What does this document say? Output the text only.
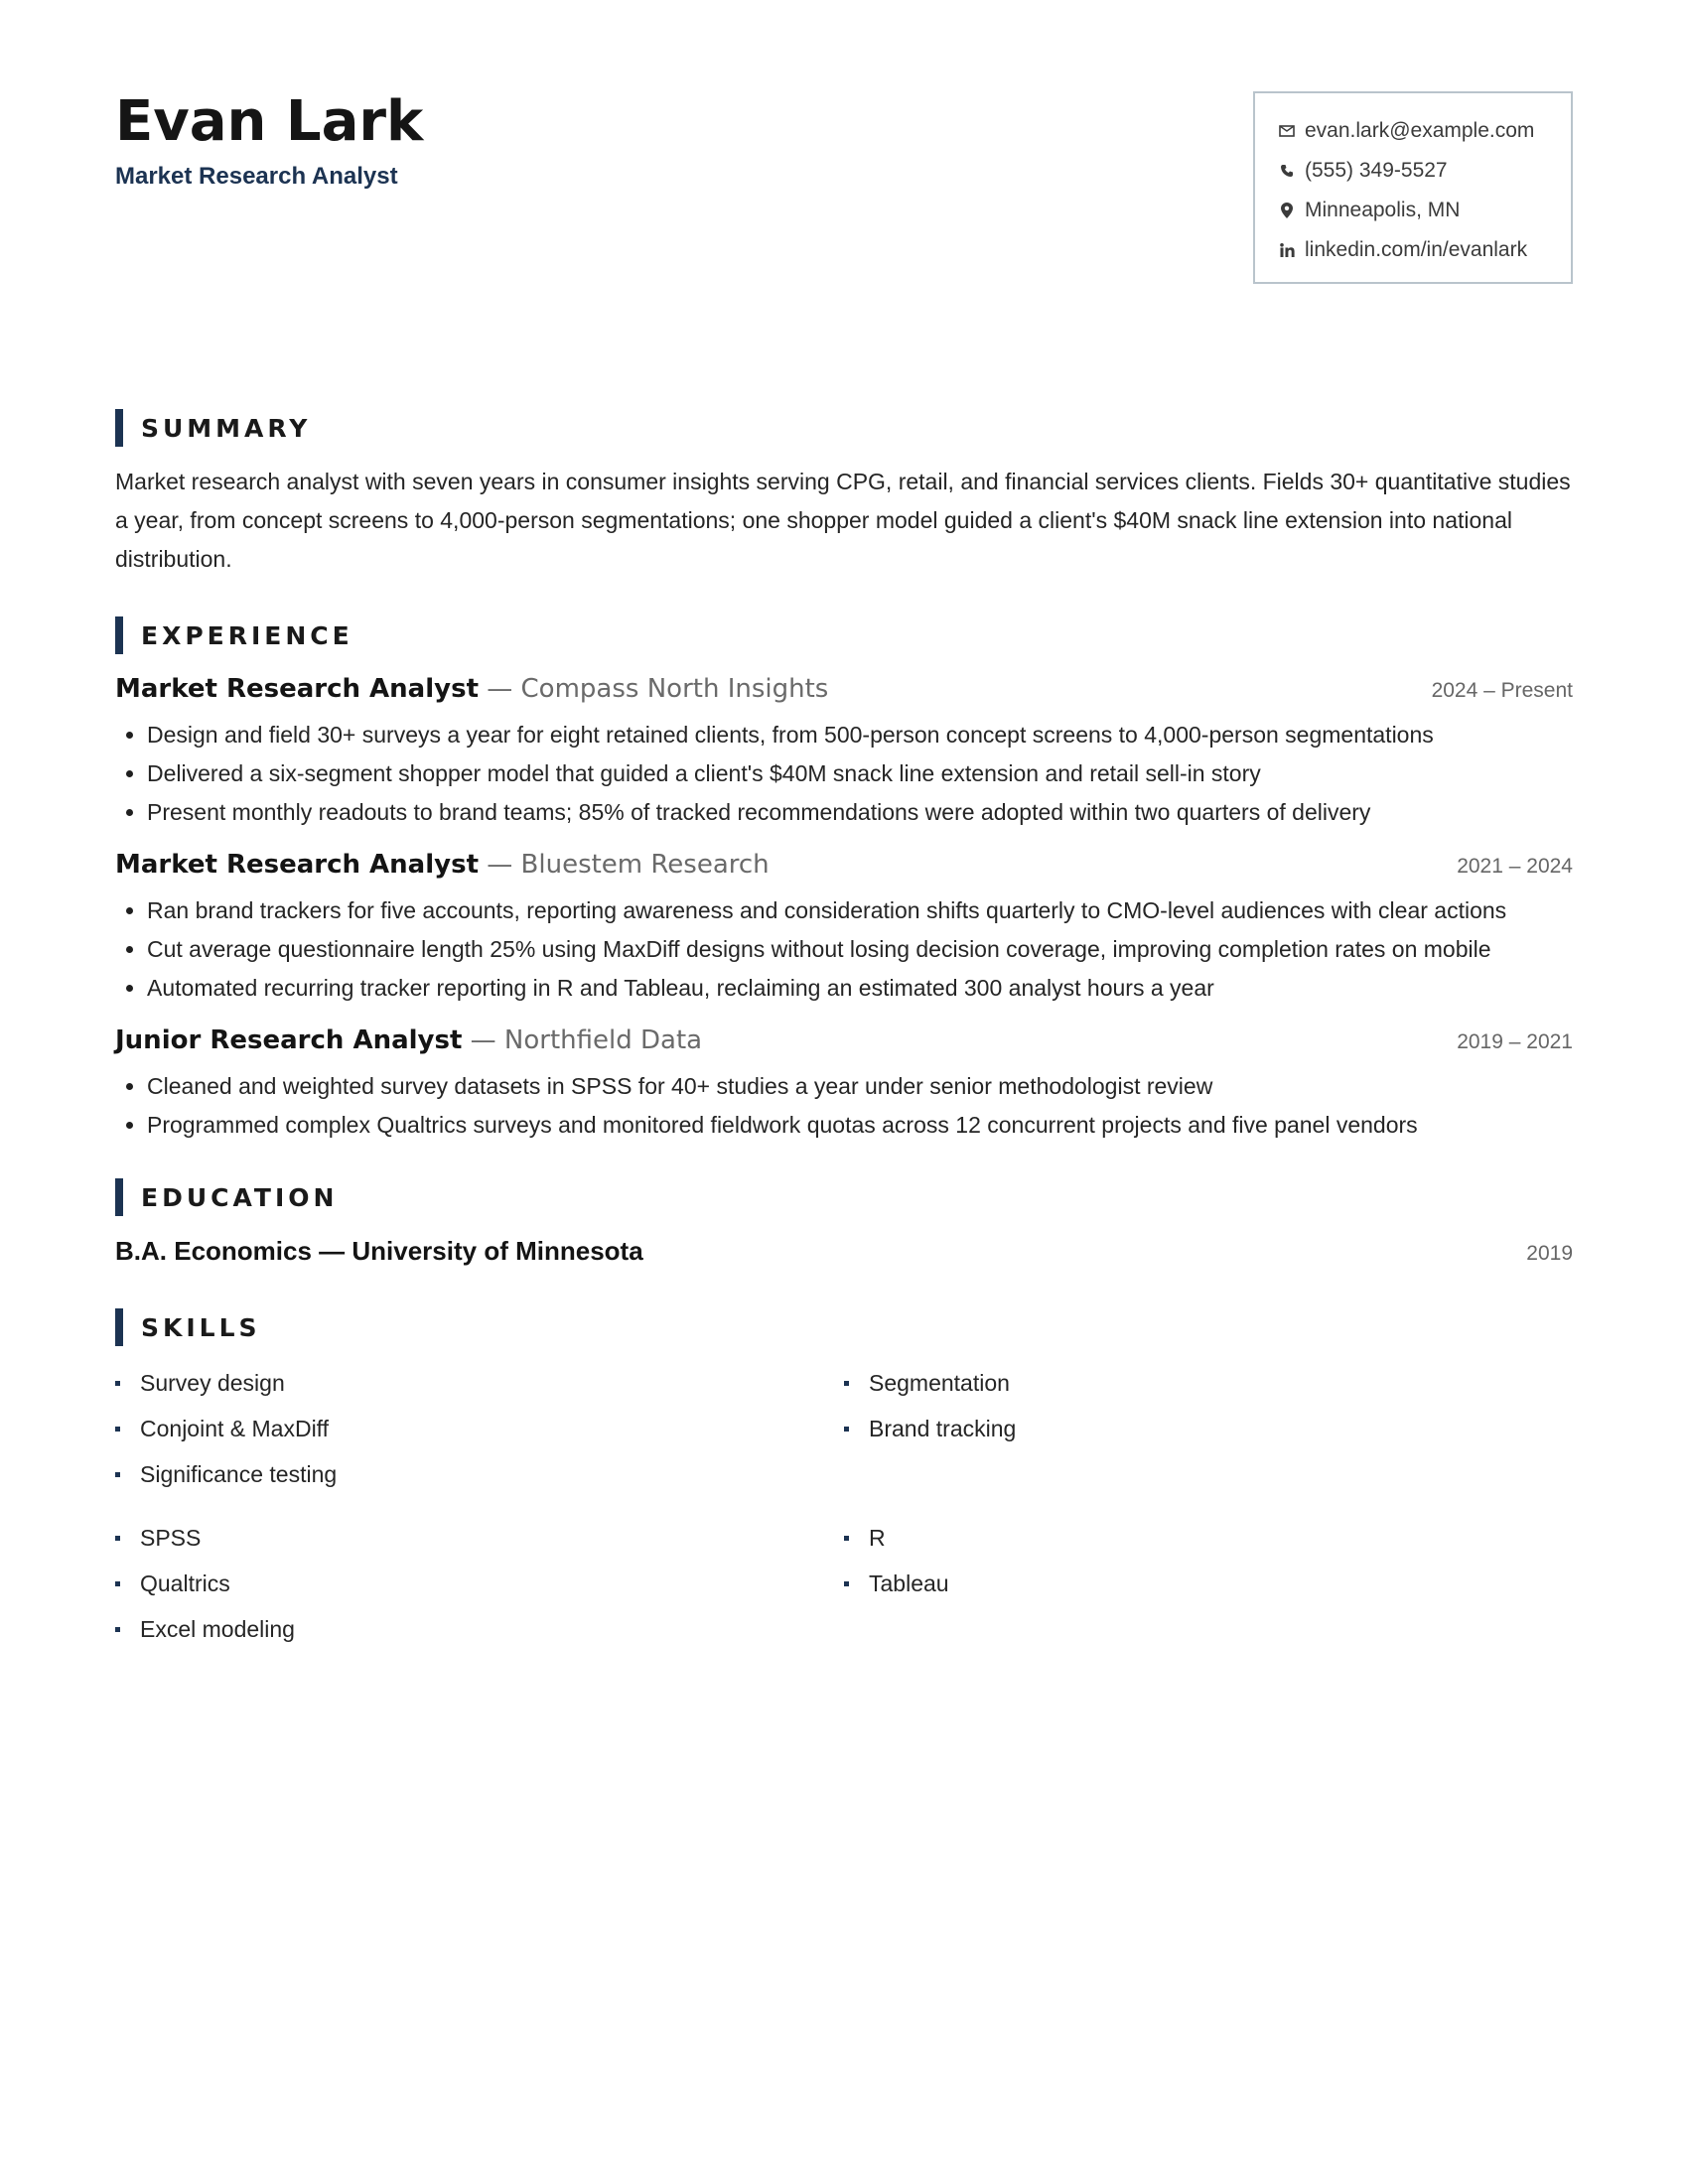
Evan Lark
Market Research Analyst
evan.lark@example.com
(555) 349-5527
Minneapolis, MN
linkedin.com/in/evanlark
SUMMARY
Market research analyst with seven years in consumer insights serving CPG, retail, and financial services clients. Fields 30+ quantitative studies a year, from concept screens to 4,000-person segmentations; one shopper model guided a client's $40M snack line extension into national distribution.
EXPERIENCE
Market Research Analyst — Compass North Insights	2024 – Present
• Design and field 30+ surveys a year for eight retained clients, from 500-person concept screens to 4,000-person segmentations
• Delivered a six-segment shopper model that guided a client's $40M snack line extension and retail sell-in story
• Present monthly readouts to brand teams; 85% of tracked recommendations were adopted within two quarters of delivery
Market Research Analyst — Bluestem Research	2021 – 2024
• Ran brand trackers for five accounts, reporting awareness and consideration shifts quarterly to CMO-level audiences with clear actions
• Cut average questionnaire length 25% using MaxDiff designs without losing decision coverage, improving completion rates on mobile
• Automated recurring tracker reporting in R and Tableau, reclaiming an estimated 300 analyst hours a year
Junior Research Analyst — Northfield Data	2019 – 2021
• Cleaned and weighted survey datasets in SPSS for 40+ studies a year under senior methodologist review
• Programmed complex Qualtrics surveys and monitored fieldwork quotas across 12 concurrent projects and five panel vendors
EDUCATION
B.A. Economics — University of Minnesota	2019
SKILLS
Survey design
Conjoint & MaxDiff
Significance testing
Segmentation
Brand tracking
SPSS
Qualtrics
Excel modeling
R
Tableau
